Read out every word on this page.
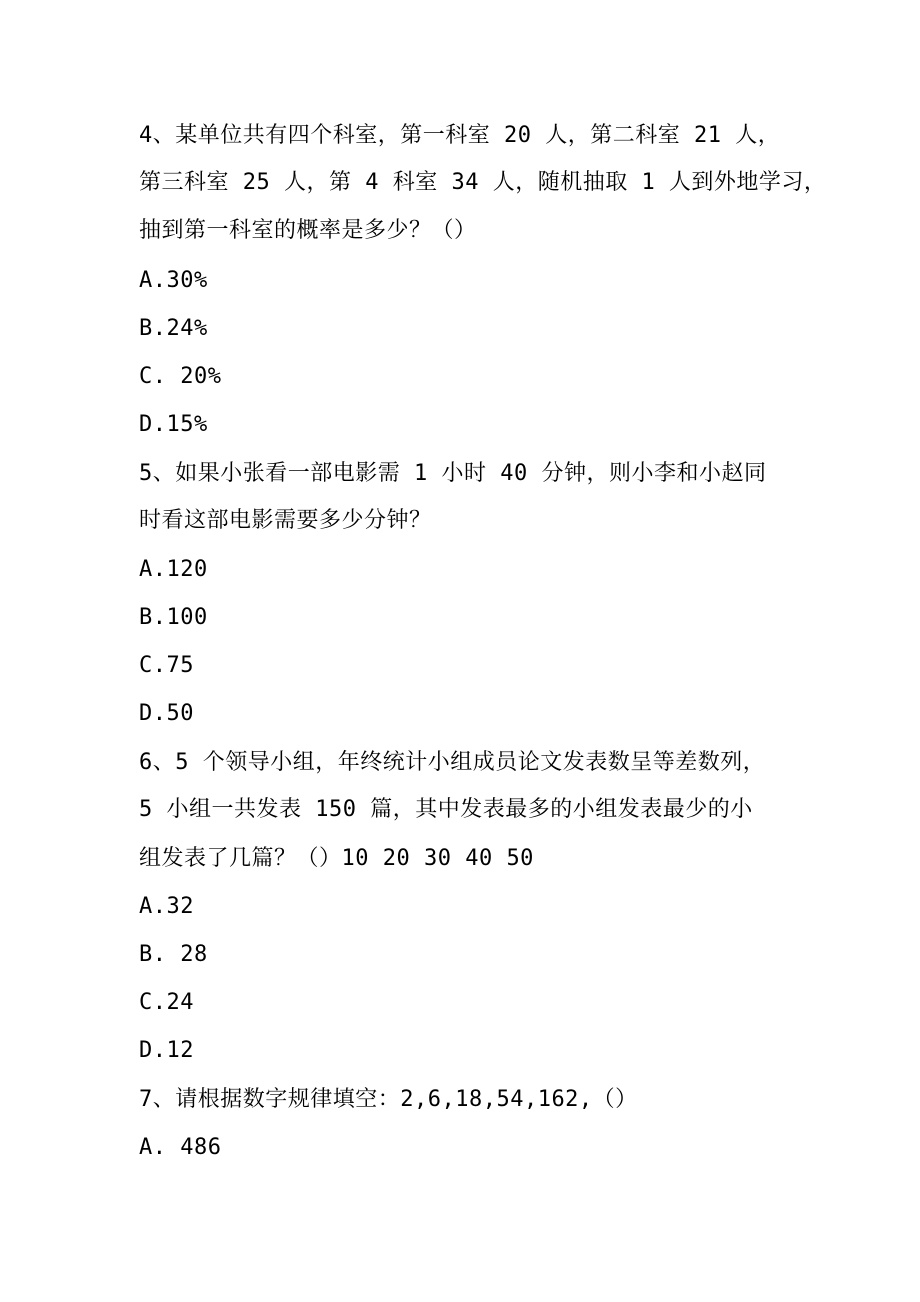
4、某单位共有四个科室，第一科室 20 人，第二科室 21 人，
第三科室 25 人，第 4 科室 34 人，随机抽取 1 人到外地学习，
抽到第一科室的概率是多少？（）
A.30%
B.24%
C. 20%
D.15%
5、如果小张看一部电影需 1 小时 40 分钟，则小李和小赵同
时看这部电影需要多少分钟？
A.120
B.100
C.75
D.50
6、5 个领导小组，年终统计小组成员论文发表数呈等差数列，
5 小组一共发表 150 篇，其中发表最多的小组发表最少的小
组发表了几篇？（）10 20 30 40 50
A.32
B. 28
C.24
D.12
7、请根据数字规律填空：2,6,18,54,162,（）
A. 486
